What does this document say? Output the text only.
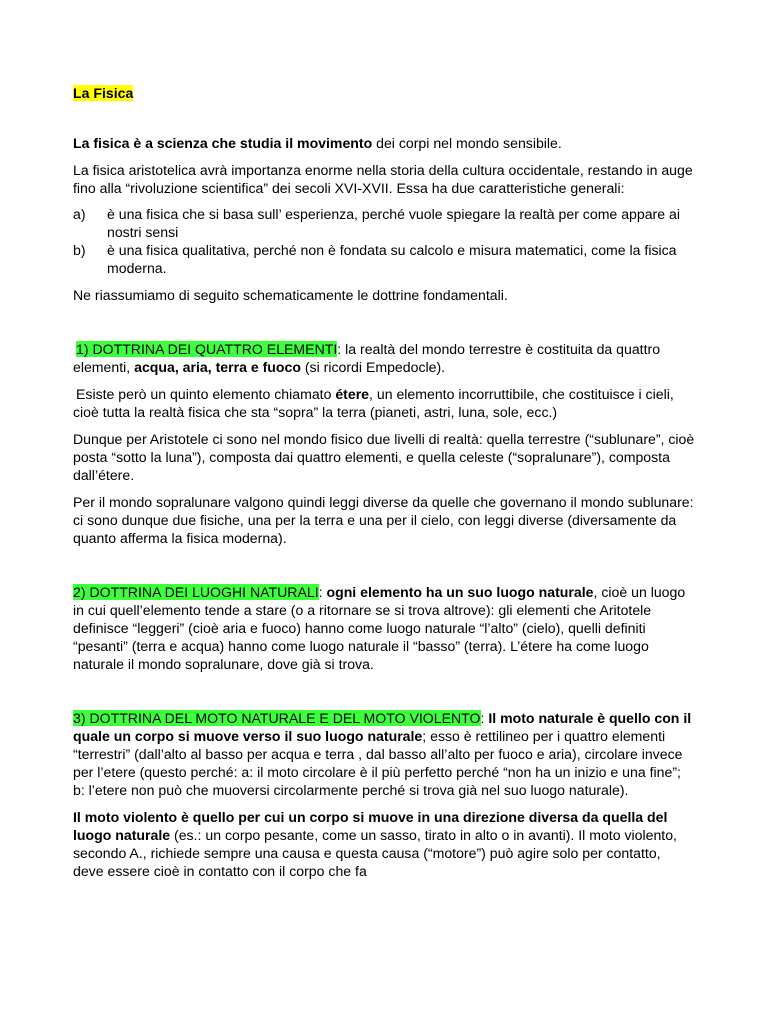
La Fisica

La fisica è a scienza che studia il movimento dei corpi nel mondo sensibile.

La fisica aristotelica avrà importanza enorme nella storia della cultura occidentale, restando in auge fino alla “rivoluzione scientifica” dei secoli XVI-XVII. Essa ha due caratteristiche generali:

a) è una fisica che si basa sull’ esperienza, perché vuole spiegare la realtà per come appare ai nostri sensi
b) è una fisica qualitativa, perché non è fondata su calcolo e misura matematici, come la fisica moderna.

Ne riassumiamo di seguito schematicamente le dottrine fondamentali.

1) DOTTRINA DEI QUATTRO ELEMENTI: la realtà del mondo terrestre è costituita da quattro elementi, acqua, aria, terra e fuoco (si ricordi Empedocle).

Esiste però un quinto elemento chiamato étere, un elemento incorruttibile, che costituisce i cieli, cioè tutta la realtà fisica che sta “sopra” la terra (pianeti, astri, luna, sole, ecc.)

Dunque per Aristotele ci sono nel mondo fisico due livelli di realtà: quella terrestre (“sublunare”, cioè posta “sotto la luna”), composta dai quattro elementi, e quella celeste (“sopralunare”), composta dall’étere.

Per il mondo sopralunare valgono quindi leggi diverse da quelle che governano il mondo sublunare: ci sono dunque due fisiche, una per la terra e una per il cielo, con leggi diverse (diversamente da quanto afferma la fisica moderna).

2) DOTTRINA DEI LUOGHI NATURALI: ogni elemento ha un suo luogo naturale, cioè un luogo in cui quell’elemento tende a stare (o a ritornare se si trova altrove): gli elementi che Aritotele definisce “leggeri” (cioè aria e fuoco) hanno come luogo naturale “l’alto” (cielo), quelli definiti “pesanti” (terra e acqua) hanno come luogo naturale il “basso” (terra). L’étere ha come luogo naturale il mondo sopralunare, dove già si trova.

3) DOTTRINA DEL MOTO NATURALE E DEL MOTO VIOLENTO: Il moto naturale è quello con il quale un corpo si muove verso il suo luogo naturale; esso è rettilineo per i quattro elementi “terrestri” (dall’alto al basso per acqua e terra , dal basso all’alto per fuoco e aria), circolare invece per l’etere (questo perché: a: il moto circolare è il più perfetto perché “non ha un inizio e una fine”; b: l’etere non può che muoversi circolarmente perché si trova già nel suo luogo naturale).

Il moto violento è quello per cui un corpo si muove in una direzione diversa da quella del luogo naturale (es.: un corpo pesante, come un sasso, tirato in alto o in avanti). Il moto violento, secondo A., richiede sempre una causa e questa causa (“motore”) può agire solo per contatto, deve essere cioè in contatto con il corpo che fa
